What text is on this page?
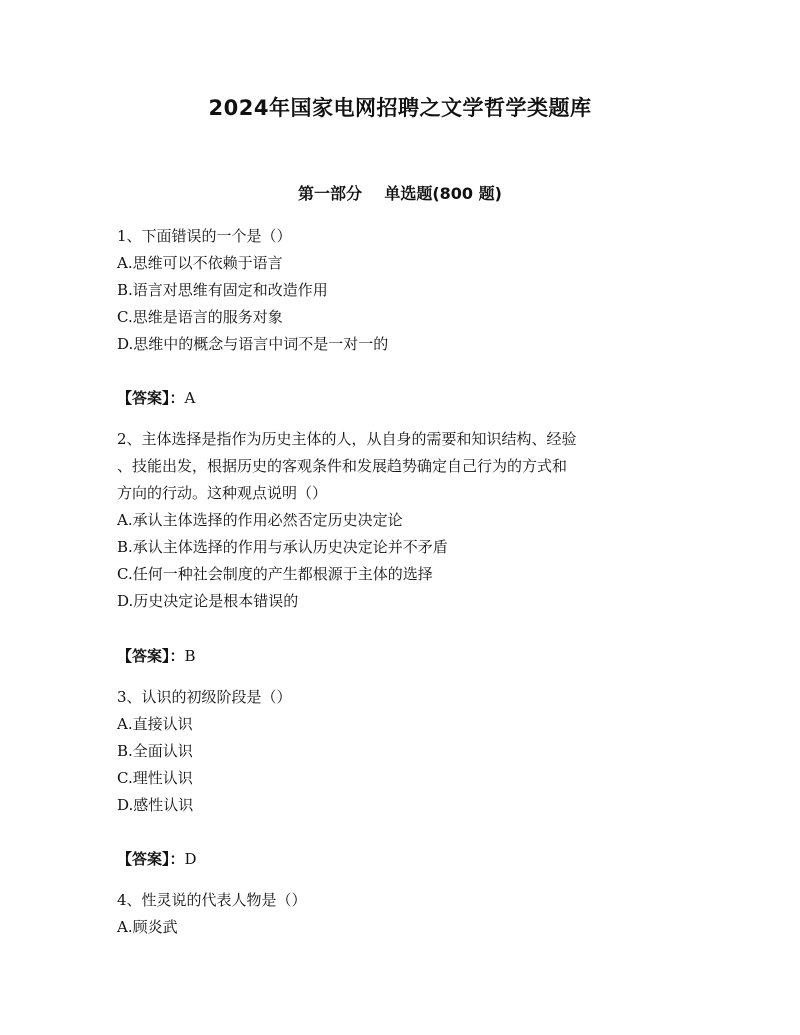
2024年国家电网招聘之文学哲学类题库
第一部分    单选题(800 题)
1、下面错误的一个是（）
A.思维可以不依赖于语言
B.语言对思维有固定和改造作用
C.思维是语言的服务对象
D.思维中的概念与语言中词不是一对一的
【答案】：A
2、主体选择是指作为历史主体的人，从自身的需要和知识结构、经验
、技能出发，根据历史的客观条件和发展趋势确定自己行为的方式和
方向的行动。这种观点说明（）
A.承认主体选择的作用必然否定历史决定论
B.承认主体选择的作用与承认历史决定论并不矛盾
C.任何一种社会制度的产生都根源于主体的选择
D.历史决定论是根本错误的
【答案】：B
3、认识的初级阶段是（）
A.直接认识
B.全面认识
C.理性认识
D.感性认识
【答案】：D
4、性灵说的代表人物是（）
A.顾炎武
